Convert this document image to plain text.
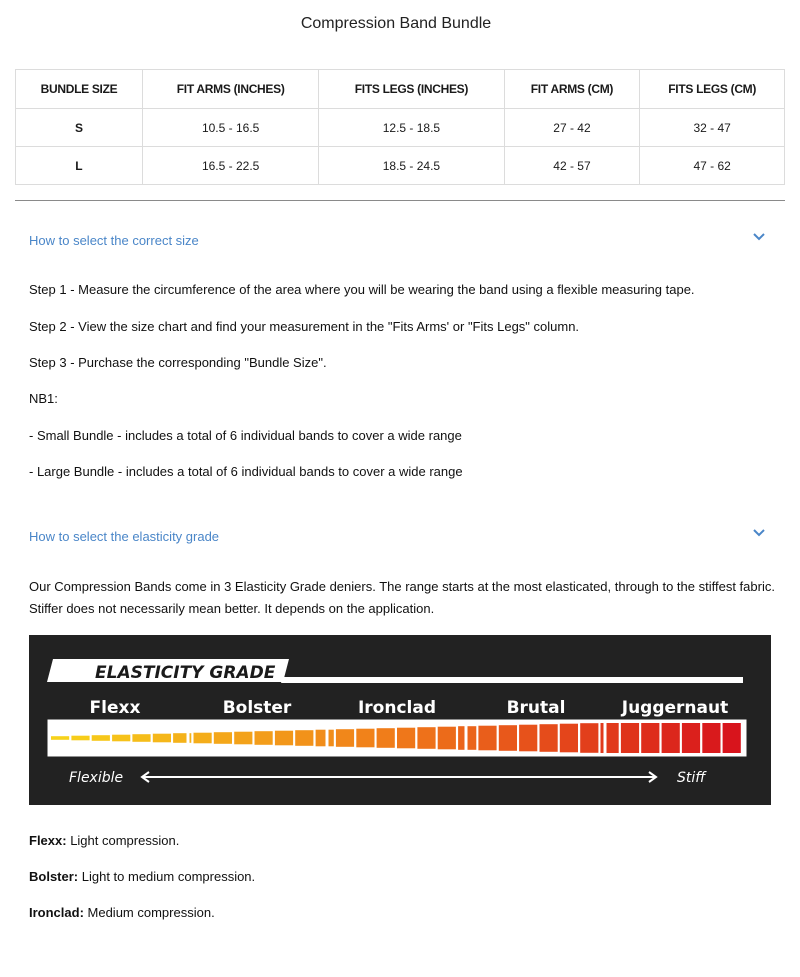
Compression Band Bundle
BUNDLE SIZE	FIT ARMS (INCHES)	FITS LEGS (INCHES)	FIT ARMS (CM)	FITS LEGS (CM)
S	10.5 - 16.5	12.5 - 18.5	27 - 42	32 - 47
L	16.5 - 22.5	18.5 - 24.5	42 - 57	47 - 62
How to select the correct size
Step 1 - Measure the circumference of the area where you will be wearing the band using a flexible measuring tape.
Step 2 - View the size chart and find your measurement in the "Fits Arms' or "Fits Legs" column.
Step 3 - Purchase the corresponding "Bundle Size".
NB1:
- Small Bundle - includes a total of 6 individual bands to cover a wide range
- Large Bundle - includes a total of 6 individual bands to cover a wide range
How to select the elasticity grade
Our Compression Bands come in 3 Elasticity Grade deniers. The range starts at the most elasticated, through to the stiffest fabric. Stiffer does not necessarily mean better. It depends on the application.
ELASTICITY GRADE
Flexx	Bolster	Ironclad	Brutal	Juggernaut
Flexible	Stiff
Flexx: Light compression.
Bolster: Light to medium compression.
Ironclad: Medium compression.
